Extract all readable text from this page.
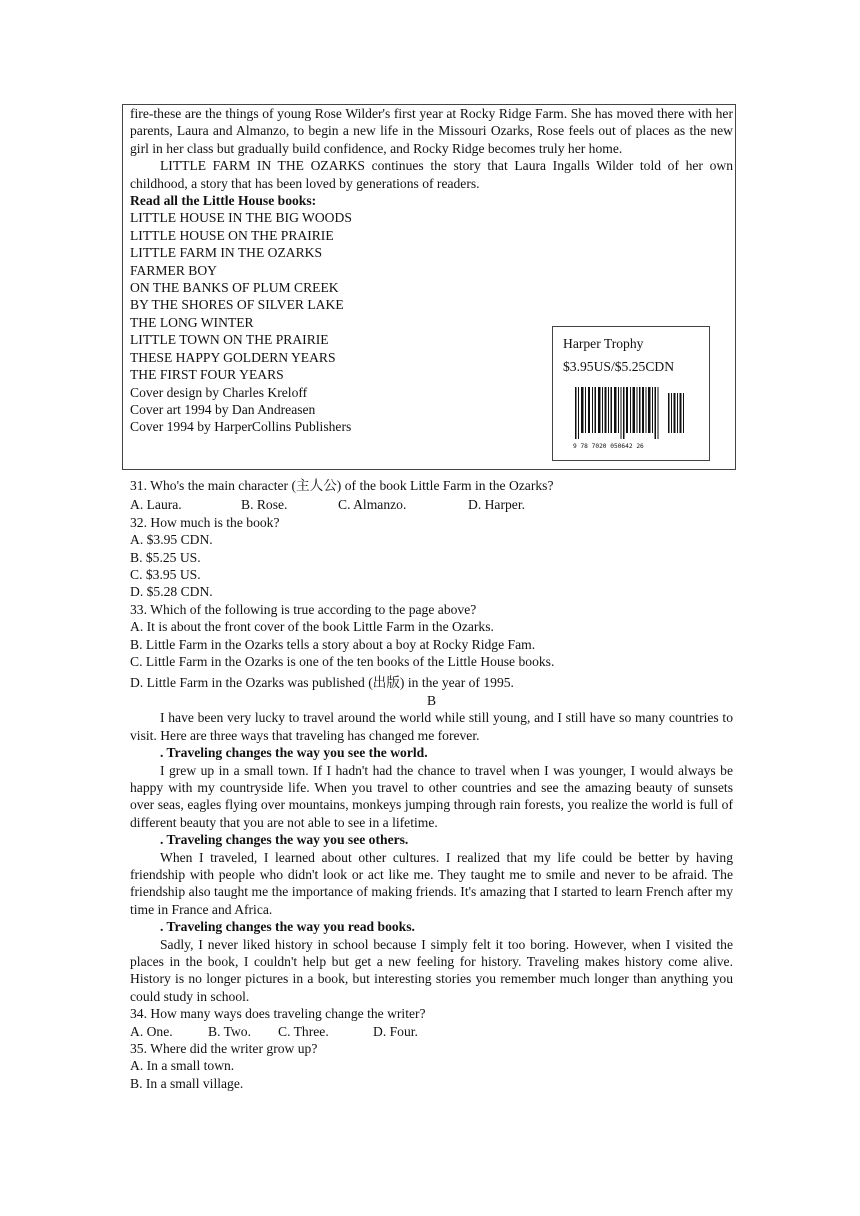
fire-these are the things of young Rose Wilder's first year at Rocky Ridge Farm. She has moved there with her parents, Laura and Almanzo, to begin a new life in the Missouri Ozarks, Rose feels out of places as the new girl in her class but gradually build confidence, and Rocky Ridge becomes truly her home.

LITTLE FARM IN THE OZARKS continues the story that Laura Ingalls Wilder told of her own childhood, a story that has been loved by generations of readers.

Read all the Little House books:

LITTLE HOUSE IN THE BIG WOODS

LITTLE HOUSE ON THE PRAIRIE

LITTLE FARM IN THE OZARKS

FARMER BOY

ON THE BANKS OF PLUM CREEK

BY THE SHORES OF SILVER LAKE

THE LONG WINTER

LITTLE TOWN ON THE PRAIRIE

THESE HAPPY GOLDERN YEARS

THE FIRST FOUR YEARS

Cover design by Charles Kreloff

Cover art 1994 by Dan Andreasen

Cover 1994 by HarperCollins Publishers

Harper Trophy
$3.95US/$5.25CDN
9 78 7020 050642 26

31. Who's the main character (主人公) of the book Little Farm in the Ozarks?

A. Laura.	B. Rose.	C. Almanzo.	D. Harper.

32. How much is the book?

A. $3.95 CDN.

B. $5.25 US.

C. $3.95 US.

D. $5.28 CDN.

33. Which of the following is true according to the page above?

A. It is about the front cover of the book Little Farm in the Ozarks.

B. Little Farm in the Ozarks tells a story about a boy at Rocky Ridge Fam.

C. Little Farm in the Ozarks is one of the ten books of the Little House books.

D. Little Farm in the Ozarks was published (出版) in the year of 1995.

B

I have been very lucky to travel around the world while still young, and I still have so many countries to visit. Here are three ways that traveling has changed me forever.

. Traveling changes the way you see the world.

I grew up in a small town. If I hadn't had the chance to travel when I was younger, I would always be happy with my countryside life. When you travel to other countries and see the amazing beauty of sunsets over seas, eagles flying over mountains, monkeys jumping through rain forests, you realize the world is full of different beauty that you are not able to see in a lifetime.

. Traveling changes the way you see others.

When I traveled, I learned about other cultures. I realized that my life could be better by having friendship with people who didn't look or act like me. They taught me to smile and never to be afraid. The friendship also taught me the importance of making friends. It's amazing that I started to learn French after my time in France and Africa.

. Traveling changes the way you read books.

Sadly, I never liked history in school because I simply felt it too boring. However, when I visited the places in the book, I couldn't help but get a new feeling for history. Traveling makes history come alive. History is no longer pictures in a book, but interesting stories you remember much longer than anything you could study in school.

34. How many ways does traveling change the writer?

A. One.	B. Two.	C. Three.	D. Four.

35. Where did the writer grow up?

A. In a small town.

B. In a small village.
